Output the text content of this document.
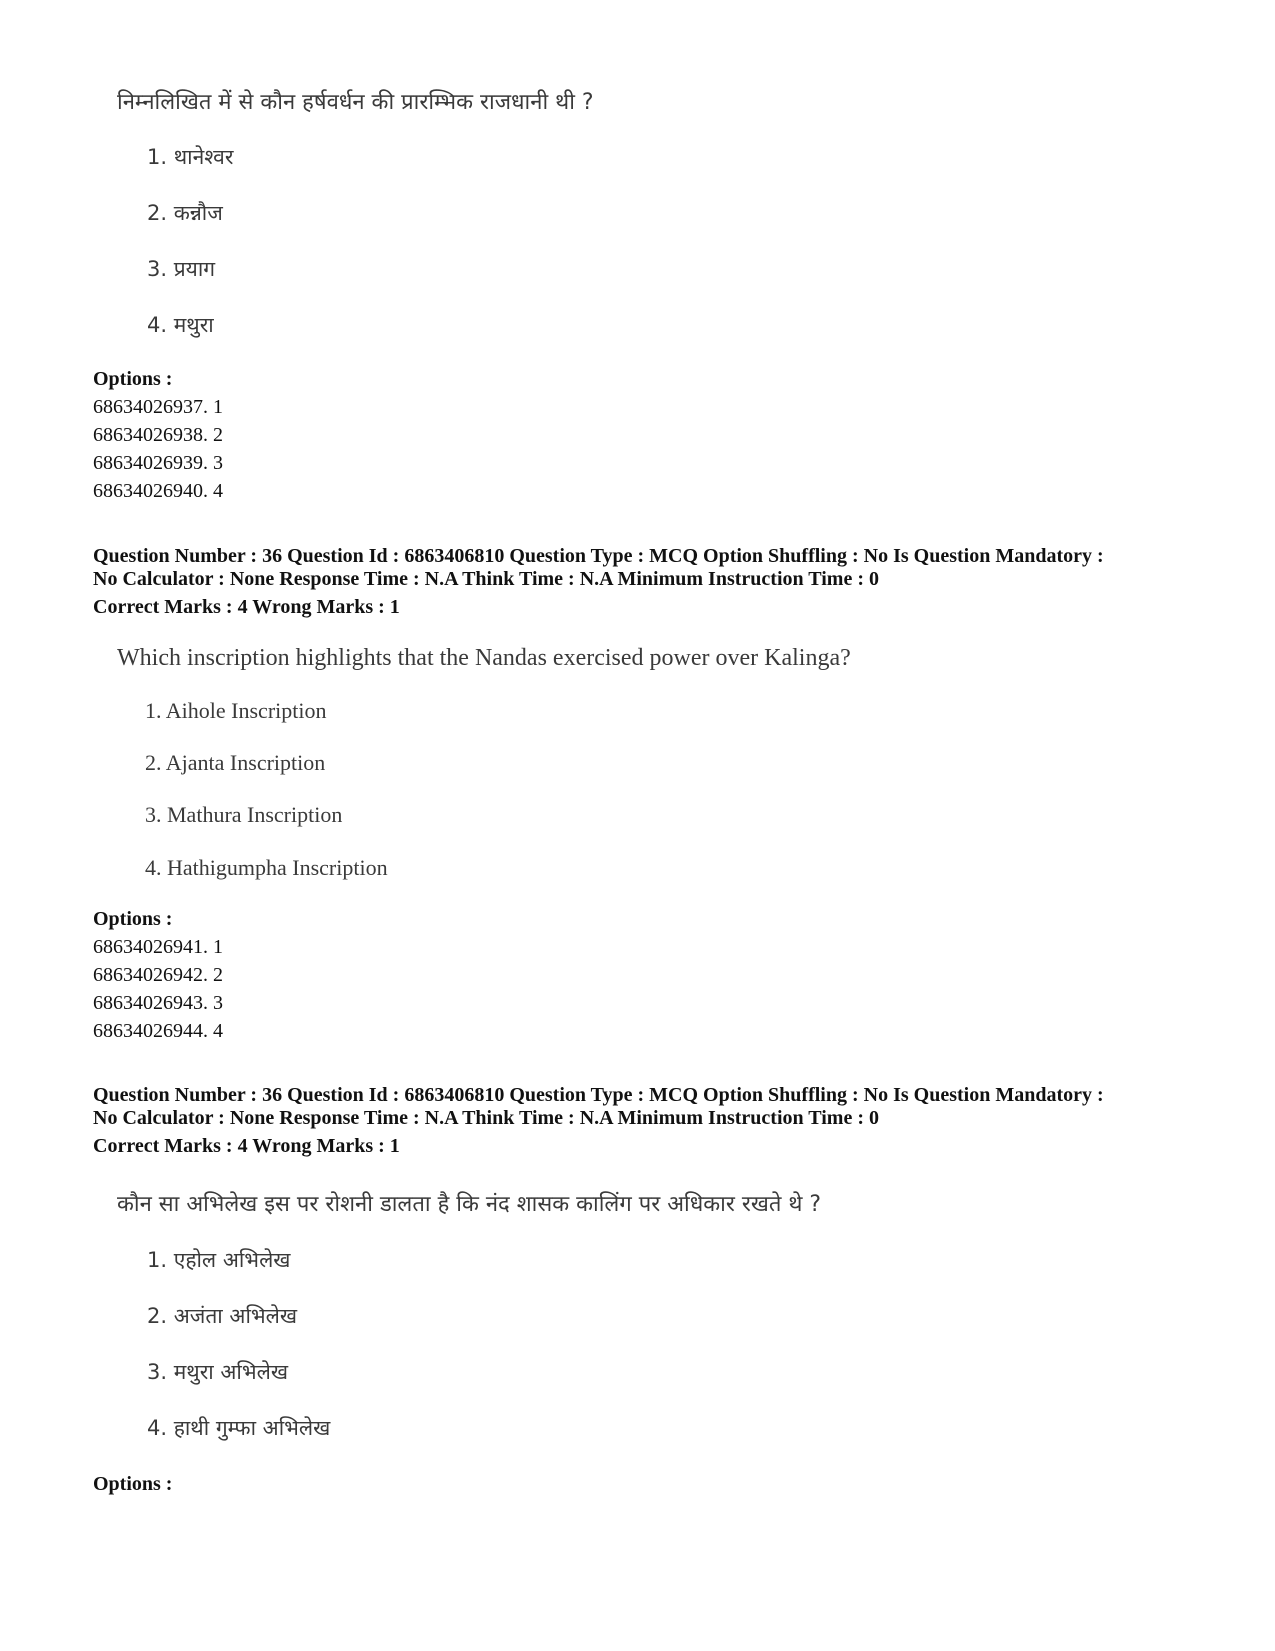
निम्नलिखित में से कौन हर्षवर्धन की प्रारम्भिक राजधानी थी ?
1. थानेश्वर
2. कन्नौज
3. प्रयाग
4. मथुरा
Options :
68634026937. 1
68634026938. 2
68634026939. 3
68634026940. 4
Question Number : 36 Question Id : 6863406810 Question Type : MCQ Option Shuffling : No Is Question Mandatory :
No Calculator : None Response Time : N.A Think Time : N.A Minimum Instruction Time : 0
Correct Marks : 4 Wrong Marks : 1
Which inscription highlights that the Nandas exercised power over Kalinga?
1. Aihole Inscription
2. Ajanta Inscription
3. Mathura Inscription
4. Hathigumpha Inscription
Options :
68634026941. 1
68634026942. 2
68634026943. 3
68634026944. 4
Question Number : 36 Question Id : 6863406810 Question Type : MCQ Option Shuffling : No Is Question Mandatory :
No Calculator : None Response Time : N.A Think Time : N.A Minimum Instruction Time : 0
Correct Marks : 4 Wrong Marks : 1
कौन सा अभिलेख इस पर रोशनी डालता है कि नंद शासक कालिंग पर अधिकार रखते थे ?
1. एहोल अभिलेख
2. अजंता अभिलेख
3. मथुरा अभिलेख
4. हाथी गुम्फा अभिलेख
Options :
